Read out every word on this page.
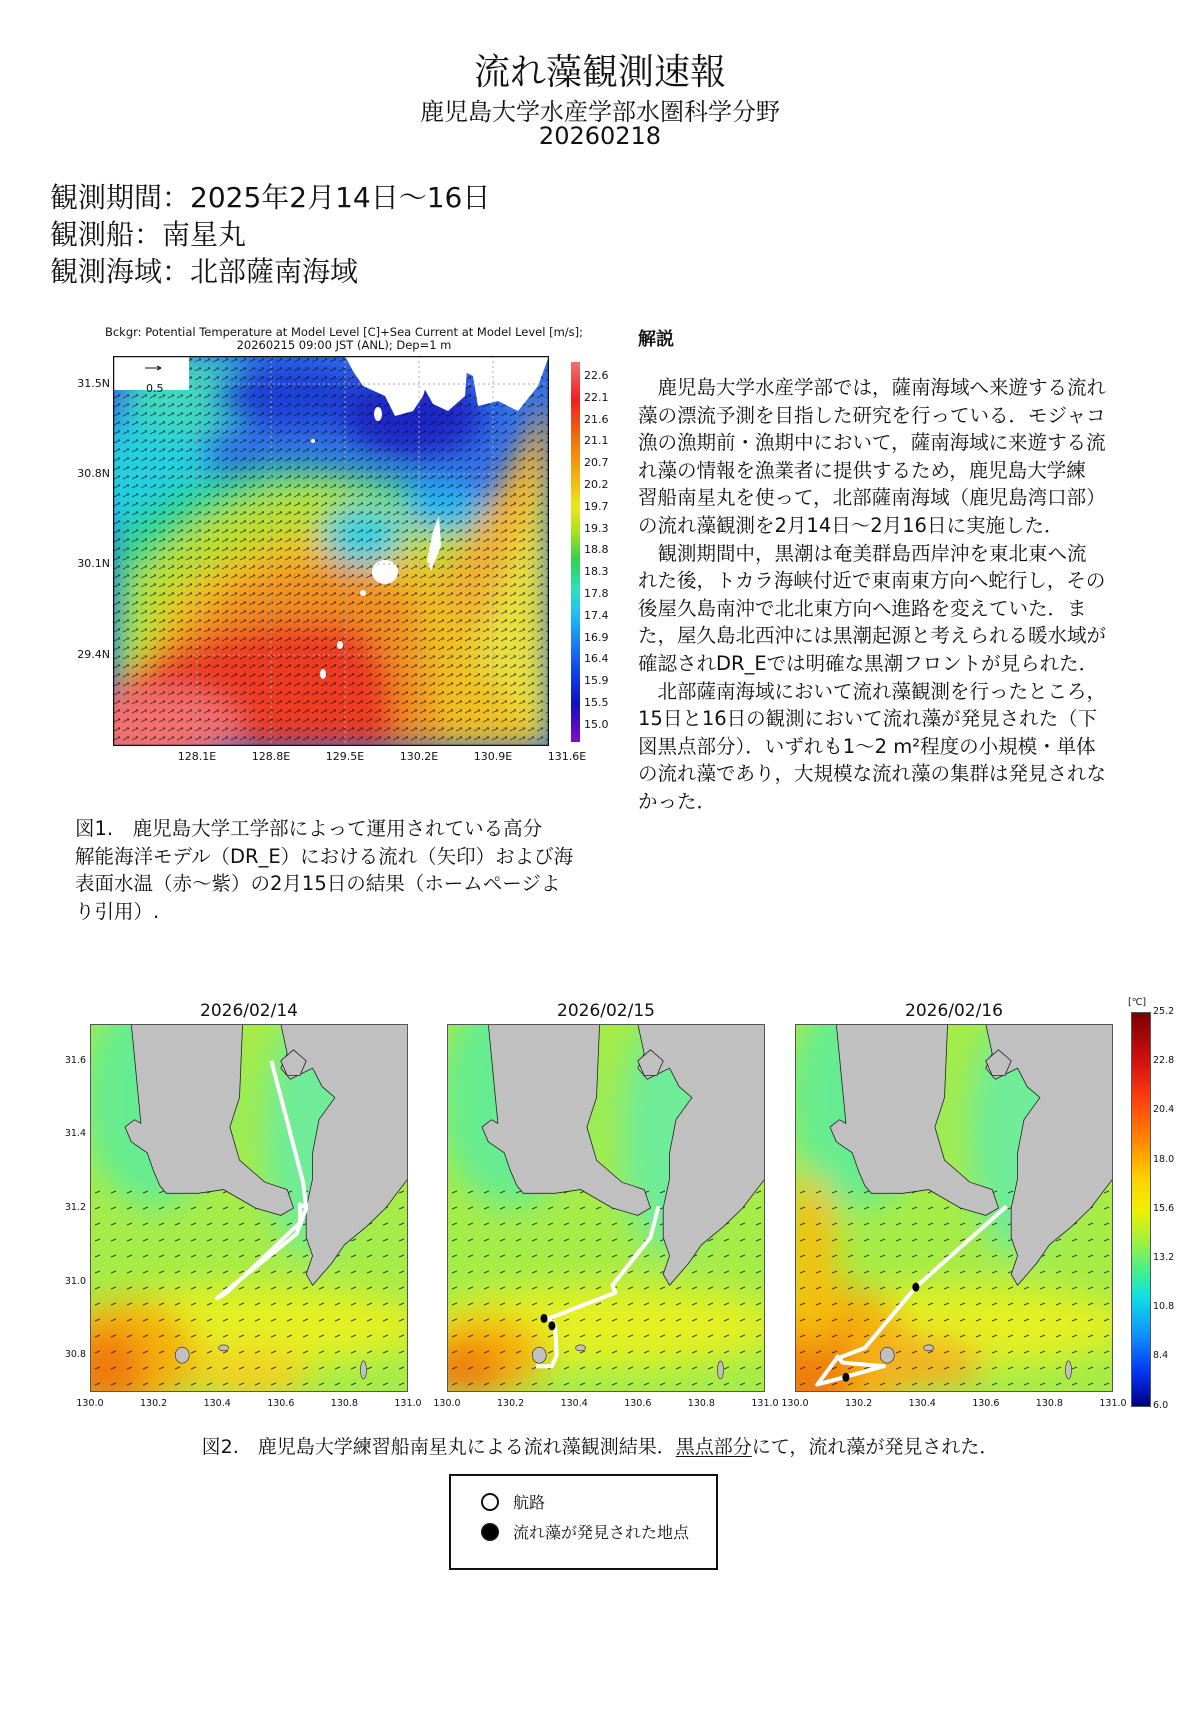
流れ藻観測速報
鹿児島大学水産学部水圏科学分野
20260218
観測期間：2025年2月14日～16日
観測船：南星丸
観測海域：北部薩南海域
Bckgr: Potential Temperature at Model Level [C]+Sea Current at Model Level [m/s];
20260215 09:00 JST (ANL); Dep=1 m
0.5
31.5N
30.8N
30.1N
29.4N
128.1E	128.8E	129.5E	130.2E	130.9E	131.6E
22.6
22.1
21.6
21.1
20.7
20.2
19.7
19.3
18.8
18.3
17.8
17.4
16.9
16.4
15.9
15.5
15.0
図1.　鹿児島大学工学部によって運用されている高分
解能海洋モデル（DR_E）における流れ（矢印）および海
表面水温（赤～紫）の2月15日の結果（ホームページよ
り引用）.
解説
鹿児島大学水産学部では，薩南海域へ来遊する流れ
藻の漂流予測を目指した研究を行っている．モジャコ
漁の漁期前・漁期中において，薩南海域に来遊する流
れ藻の情報を漁業者に提供するため，鹿児島大学練
習船南星丸を使って，北部薩南海域（鹿児島湾口部）
の流れ藻観測を2月14日～2月16日に実施した．
観測期間中，黒潮は奄美群島西岸沖を東北東へ流
れた後，トカラ海峡付近で東南東方向へ蛇行し，その
後屋久島南沖で北北東方向へ進路を変えていた．ま
た，屋久島北西沖には黒潮起源と考えられる暖水域が
確認されDR_Eでは明確な黒潮フロントが見られた．
北部薩南海域において流れ藻観測を行ったところ，
15日と16日の観測において流れ藻が発見された（下
図黒点部分）．いずれも1～2 m²程度の小規模・単体
の流れ藻であり，大規模な流れ藻の集群は発見されな
かった．
2026/02/14
31.6
31.4
31.2
31.0
30.8
130.0	130.2	130.4	130.6	130.8	131.0
2026/02/15
130.0	130.2	130.4	130.6	130.8	131.0
2026/02/16
130.0	130.2	130.4	130.6	130.8	131.0
[℃]
25.2
22.8
20.4
18.0
15.6
13.2
10.8
8.4
6.0
図2.　鹿児島大学練習船南星丸による流れ藻観測結果．黒点部分にて，流れ藻が発見された．
航路
流れ藻が発見された地点
